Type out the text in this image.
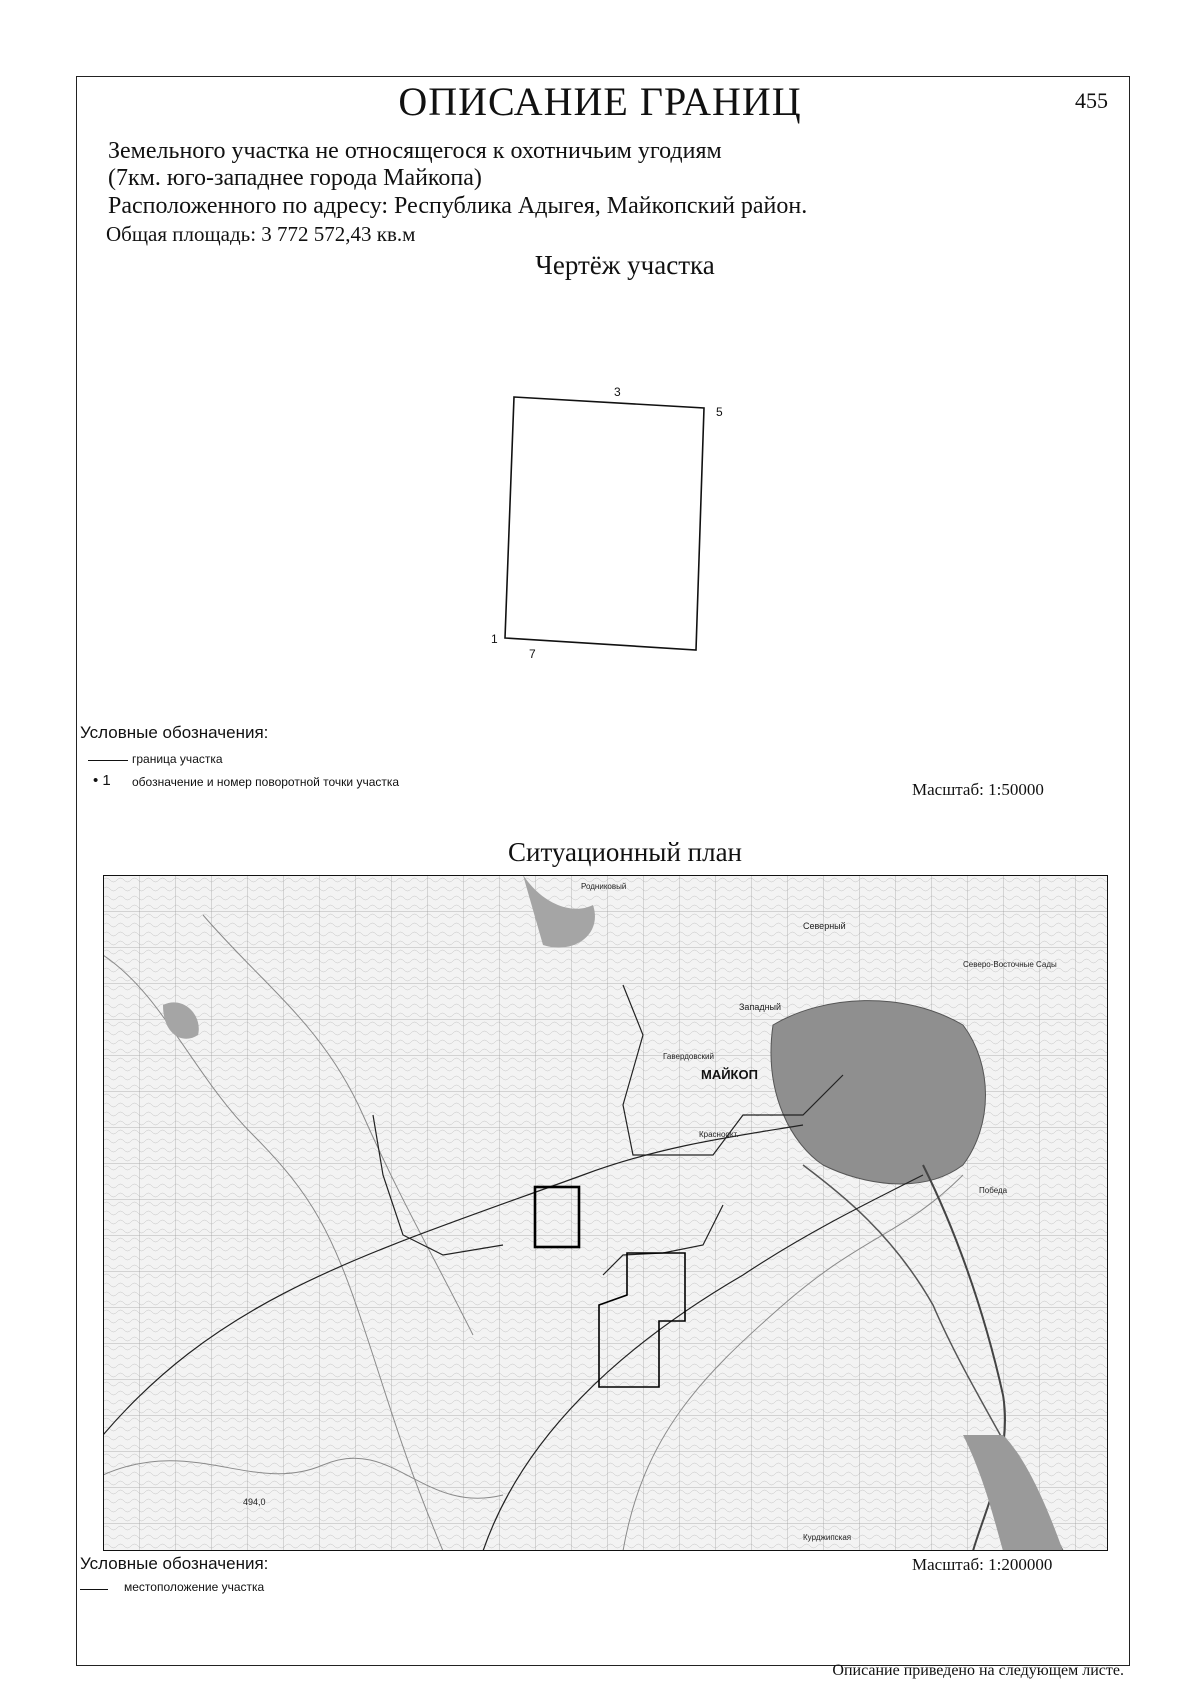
ОПИСАНИЕ ГРАНИЦ	455
Земельного участка не относящегося к охотничьим угодиям
(7км. юго-западнее города Майкопа)
Расположенного по адресу: Республика Адыгея, Майкопский район.
Общая площадь: 3 772 572,43 кв.м
Чертёж участка
3
5
1
7
Условные обозначения:
граница участка
• 1 обозначение и номер поворотной точки участка	Масштаб: 1:50000
Ситуационный план
МАЙКОП
Северный
Северо-Восточные Сады
Западный
Гавердовский
Красноокт.
Победа
Курджипская
Родниковый
494,0
Условные обозначения:
местоположение участка
Масштаб: 1:200000
Описание приведено на следующем листе.
